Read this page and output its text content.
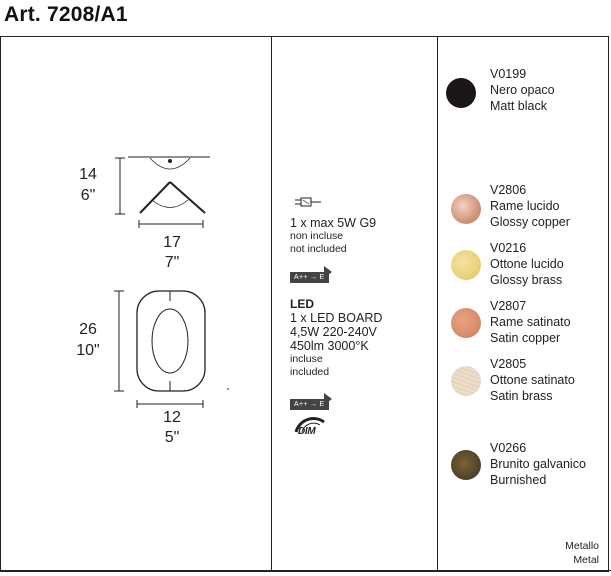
Art. 7208/A1
14
6"
17
7"
26
10"
12
5"
1 x max 5W G9
non incluse
not included
A++ → E
LED
1 x LED BOARD
4,5W 220-240V
450lm 3000°K
incluse
included
A++ → E
DIM
V0199
Nero opaco
Matt black
V2806
Rame lucido
Glossy copper
V0216
Ottone lucido
Glossy brass
V2807
Rame satinato
Satin copper
V2805
Ottone satinato
Satin brass
V0266
Brunito galvanico
Burnished
Metallo
Metal
